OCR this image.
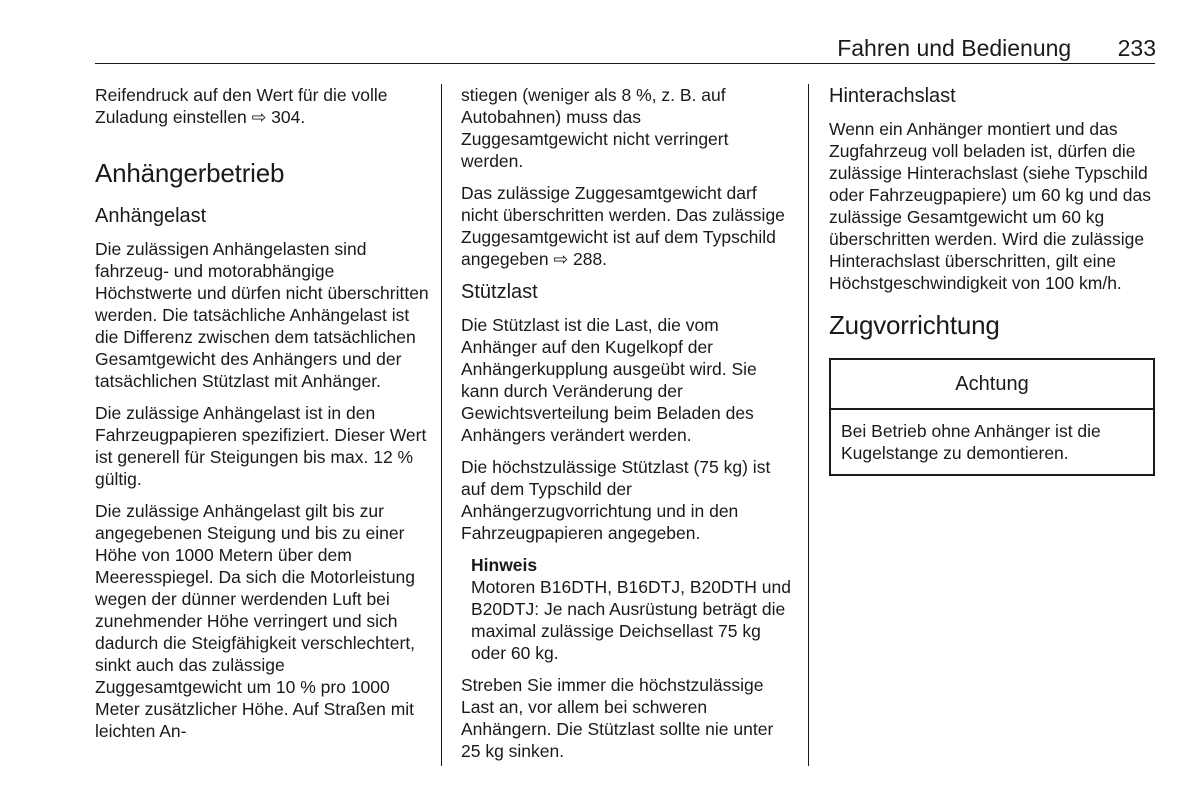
Fahren und Bedienung 233

Reifendruck auf den Wert für die volle Zuladung einstellen ⇨ 304.

Anhängerbetrieb
Anhängelast

Die zulässigen Anhängelasten sind fahrzeug- und motorabhängige Höchstwerte und dürfen nicht überschritten werden. Die tatsächliche Anhängelast ist die Differenz zwischen dem tatsächlichen Gesamtgewicht des Anhängers und der tatsächlichen Stützlast mit Anhänger.

Die zulässige Anhängelast ist in den Fahrzeugpapieren spezifiziert. Dieser Wert ist generell für Steigungen bis max. 12 % gültig.

Die zulässige Anhängelast gilt bis zur angegebenen Steigung und bis zu einer Höhe von 1000 Metern über dem Meeresspiegel. Da sich die Motorleistung wegen der dünner werdenden Luft bei zunehmender Höhe verringert und sich dadurch die Steigfähigkeit verschlechtert, sinkt auch das zulässige Zuggesamtgewicht um 10 % pro 1000 Meter zusätzlicher Höhe. Auf Straßen mit leichten An-

stiegen (weniger als 8 %, z. B. auf Autobahnen) muss das Zuggesamtgewicht nicht verringert werden.

Das zulässige Zuggesamtgewicht darf nicht überschritten werden. Das zulässige Zuggesamtgewicht ist auf dem Typschild angegeben ⇨ 288.

Stützlast

Die Stützlast ist die Last, die vom Anhänger auf den Kugelkopf der Anhängerkupplung ausgeübt wird. Sie kann durch Veränderung der Gewichtsverteilung beim Beladen des Anhängers verändert werden.

Die höchstzulässige Stützlast (75 kg) ist auf dem Typschild der Anhängerzugvorrichtung und in den Fahrzeugpapieren angegeben.

Hinweis
Motoren B16DTH, B16DTJ, B20DTH und B20DTJ: Je nach Ausrüstung beträgt die maximal zulässige Deichsellast 75 kg oder 60 kg.

Streben Sie immer die höchstzulässige Last an, vor allem bei schweren Anhängern. Die Stützlast sollte nie unter 25 kg sinken.

Hinterachslast

Wenn ein Anhänger montiert und das Zugfahrzeug voll beladen ist, dürfen die zulässige Hinterachslast (siehe Typschild oder Fahrzeugpapiere) um 60 kg und das zulässige Gesamtgewicht um 60 kg überschritten werden. Wird die zulässige Hinterachslast überschritten, gilt eine Höchstgeschwindigkeit von 100 km/h.

Zugvorrichtung
Achtung
Bei Betrieb ohne Anhänger ist die Kugelstange zu demontieren.
